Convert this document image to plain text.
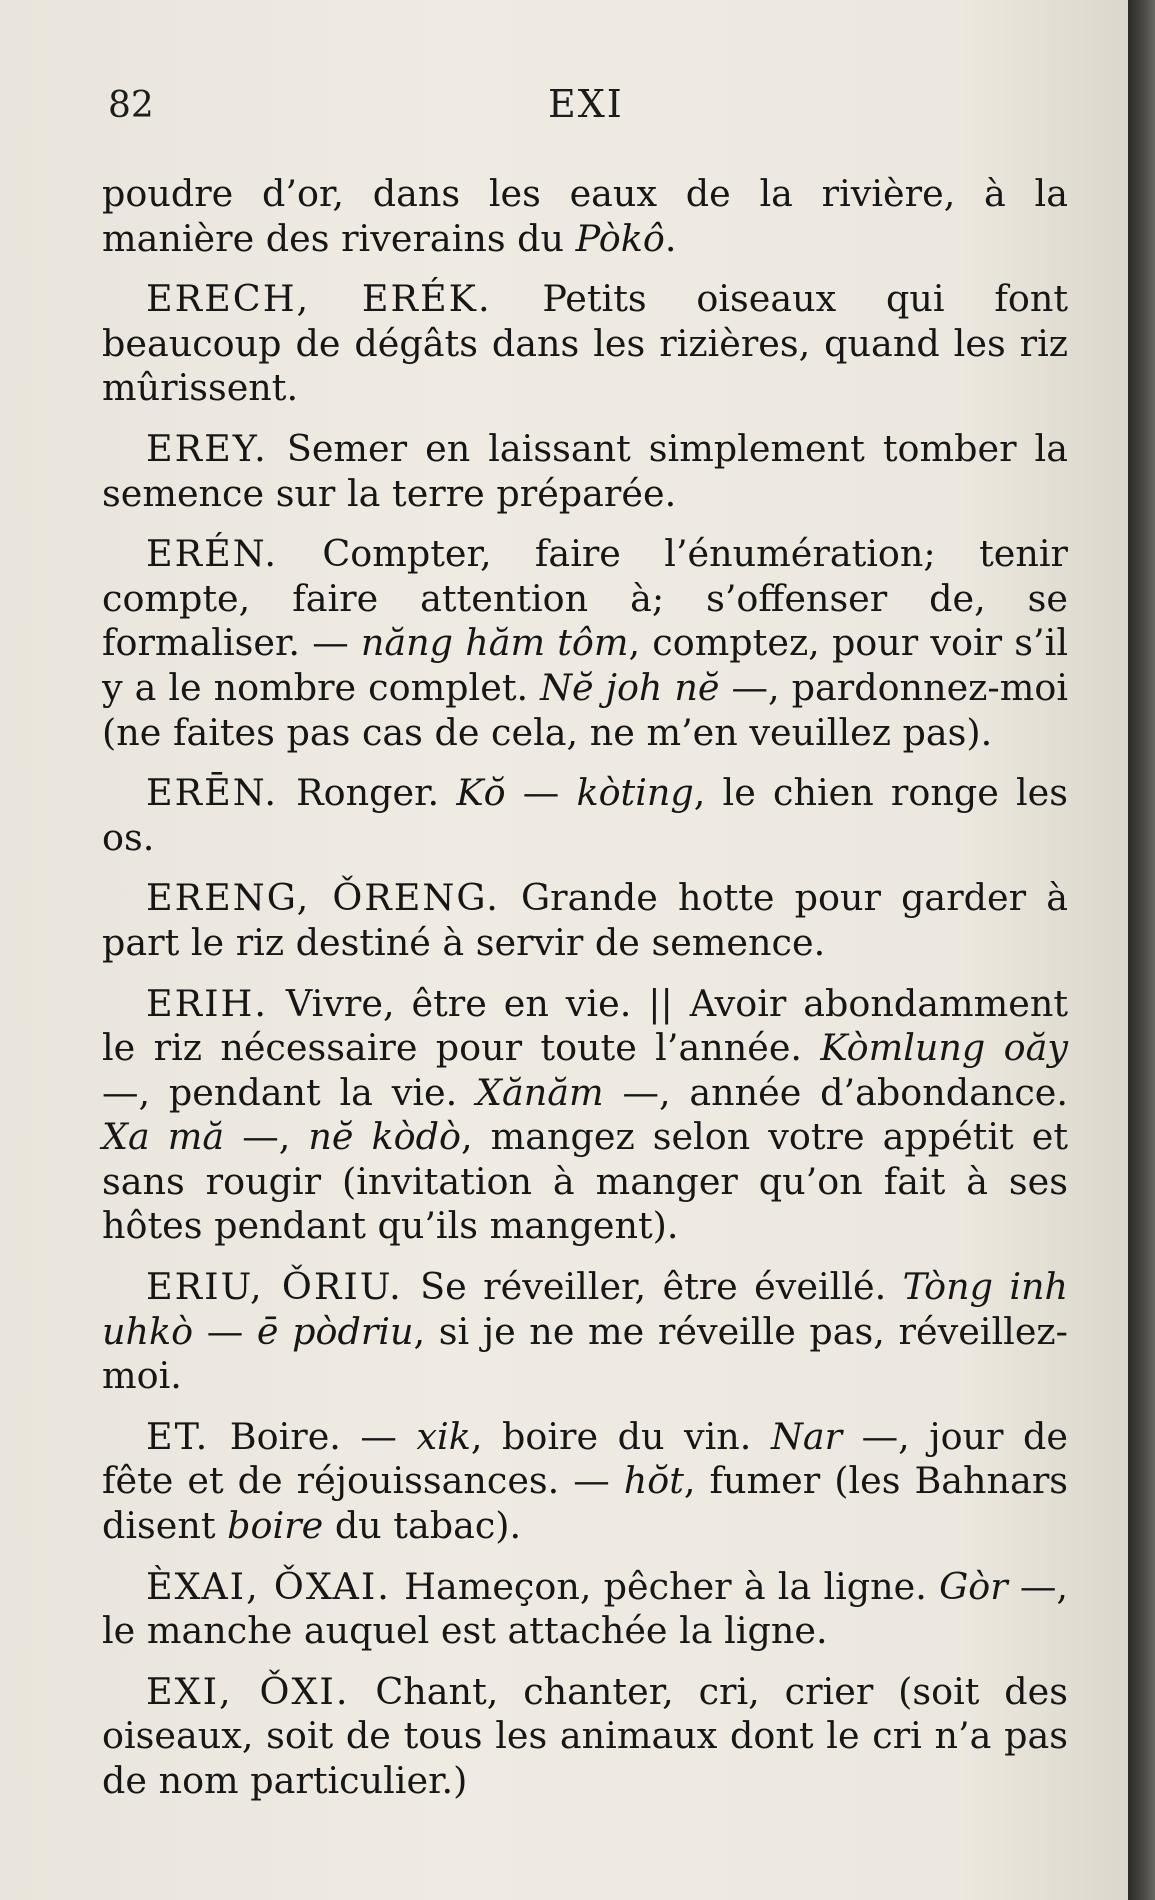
82	EXI

poudre d’or, dans les eaux de la rivière, à la manière des riverains du Pòkô.

ERECH, ERÉK. Petits oiseaux qui font beaucoup de dégâts dans les rizières, quand les riz mûrissent.

EREY. Semer en laissant simplement tomber la semence sur la terre préparée.

ERÉN. Compter, faire l’énumération; tenir compte, faire attention à; s’offenser de, se formaliser. — năng hăm tôm, comptez, pour voir s’il y a le nombre complet. Nĕ joh nĕ —, pardonnez-moi (ne faites pas cas de cela, ne m’en veuillez pas).

ERĒN. Ronger. Kŏ — kòting, le chien ronge les os.

ERENG, ǑRENG. Grande hotte pour garder à part le riz destiné à servir de semence.

ERIH. Vivre, être en vie. || Avoir abondamment le riz nécessaire pour toute l’année. Kòmlung oăy —, pendant la vie. Xănăm —, année d’abondance. Xa mă —, nĕ kòdò, mangez selon votre appétit et sans rougir (invitation à manger qu’on fait à ses hôtes pendant qu’ils mangent).

ERIU, ǑRIU. Se réveiller, être éveillé. Tòng inh uhkò — ē pòdriu, si je ne me réveille pas, réveillez-moi.

ET. Boire. — xik, boire du vin. Nar —, jour de fête et de réjouissances. — hŏt, fumer (les Bahnars disent boire du tabac).

ÈXAI, ǑXAI. Hameçon, pêcher à la ligne. Gòr —, le manche auquel est attachée la ligne.

EXI, ǑXI. Chant, chanter, cri, crier (soit des oiseaux, soit de tous les animaux dont le cri n’a pas de nom particulier.)
